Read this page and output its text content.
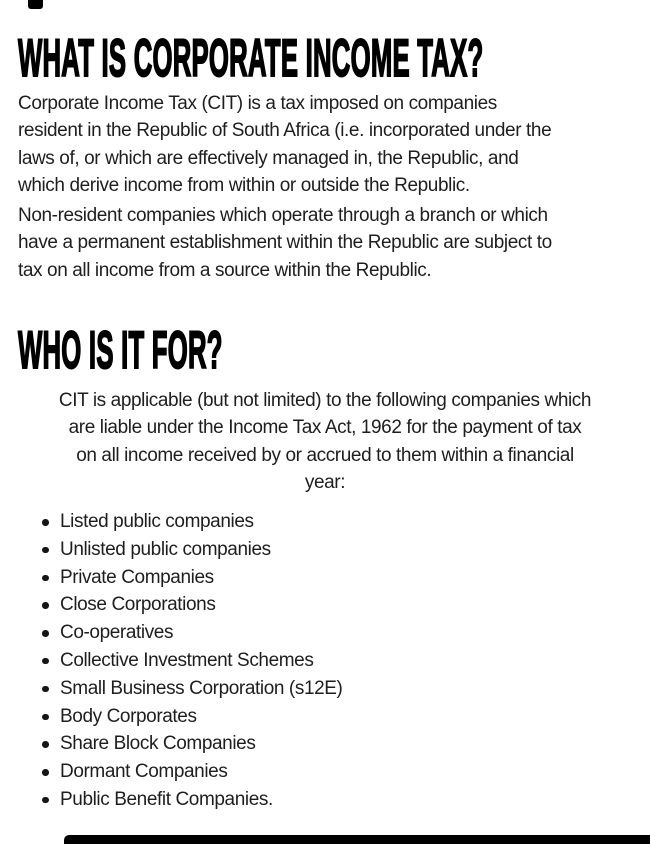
WHAT IS CORPORATE INCOME TAX?
Corporate Income Tax (CIT) is a tax imposed on companies
resident in the Republic of South Africa (i.e. incorporated under the
laws of, or which are effectively managed in, the Republic, and
which derive income from within or outside the Republic.
Non-resident companies which operate through a branch or which
have a permanent establishment within the Republic are subject to
tax on all income from a source within the Republic.
WHO IS IT FOR?
CIT is applicable (but not limited) to the following companies which
are liable under the Income Tax Act, 1962 for the payment of tax
on all income received by or accrued to them within a financial
year:
Listed public companies
Unlisted public companies
Private Companies
Close Corporations
Co-operatives
Collective Investment Schemes
Small Business Corporation (s12E)
Body Corporates
Share Block Companies
Dormant Companies
Public Benefit Companies.
